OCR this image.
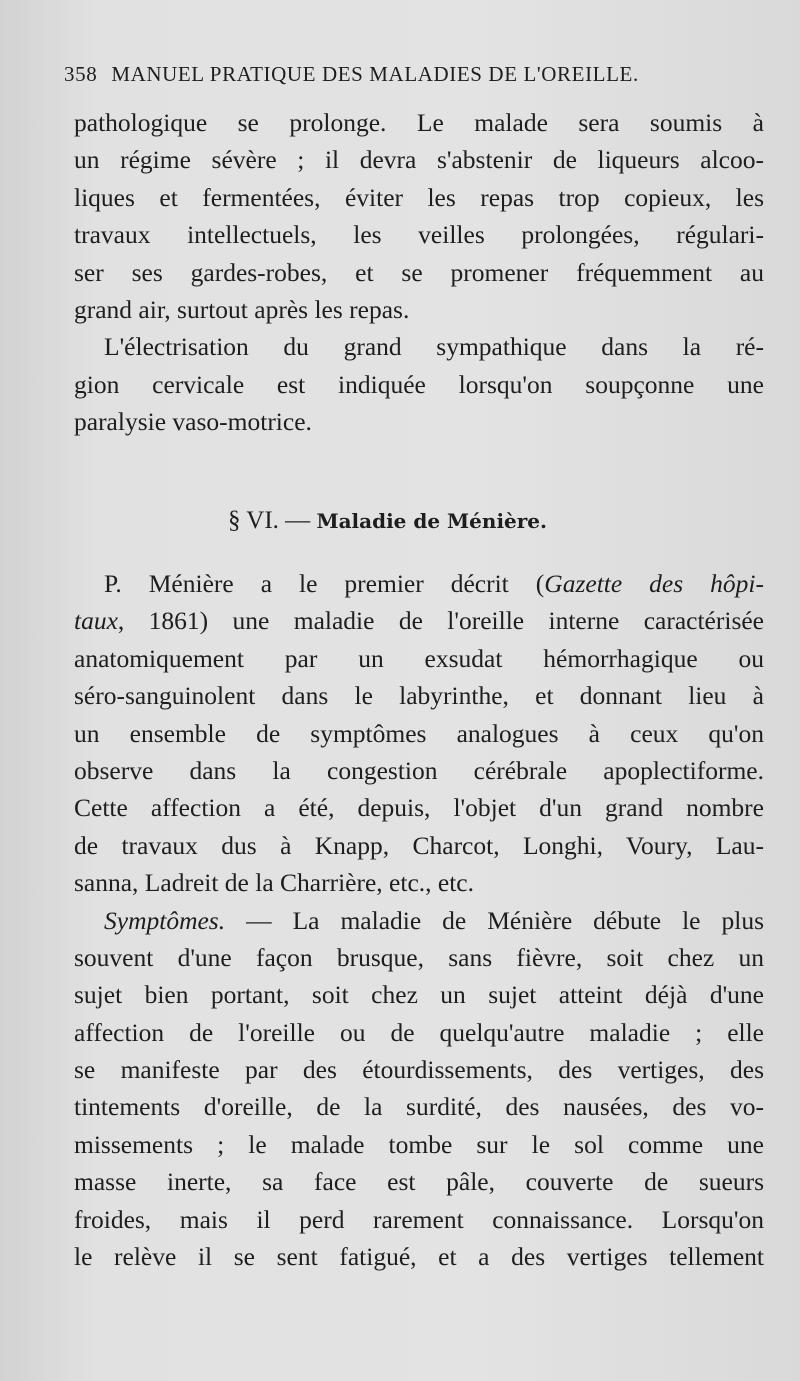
358 MANUEL PRATIQUE DES MALADIES DE L'OREILLE.
pathologique se prolonge. Le malade sera soumis à
un régime sévère ; il devra s'abstenir de liqueurs alcoo-
liques et fermentées, éviter les repas trop copieux, les
travaux intellectuels, les veilles prolongées, régulari-
ser ses gardes-robes, et se promener fréquemment au
grand air, surtout après les repas.
L'électrisation du grand sympathique dans la ré-
gion cervicale est indiquée lorsqu'on soupçonne une
paralysie vaso-motrice.
§ VI. — Maladie de Ménière.
P. Ménière a le premier décrit (Gazette des hôpi-
taux, 1861) une maladie de l'oreille interne caractérisée
anatomiquement par un exsudat hémorrhagique ou
séro-sanguinolent dans le labyrinthe, et donnant lieu à
un ensemble de symptômes analogues à ceux qu'on
observe dans la congestion cérébrale apoplectiforme.
Cette affection a été, depuis, l'objet d'un grand nombre
de travaux dus à Knapp, Charcot, Longhi, Voury, Lau-
sanna, Ladreit de la Charrière, etc., etc.
Symptômes. — La maladie de Ménière débute le plus
souvent d'une façon brusque, sans fièvre, soit chez un
sujet bien portant, soit chez un sujet atteint déjà d'une
affection de l'oreille ou de quelqu'autre maladie ; elle
se manifeste par des étourdissements, des vertiges, des
tintements d'oreille, de la surdité, des nausées, des vo-
missements ; le malade tombe sur le sol comme une
masse inerte, sa face est pâle, couverte de sueurs
froides, mais il perd rarement connaissance. Lorsqu'on
le relève il se sent fatigué, et a des vertiges tellement
